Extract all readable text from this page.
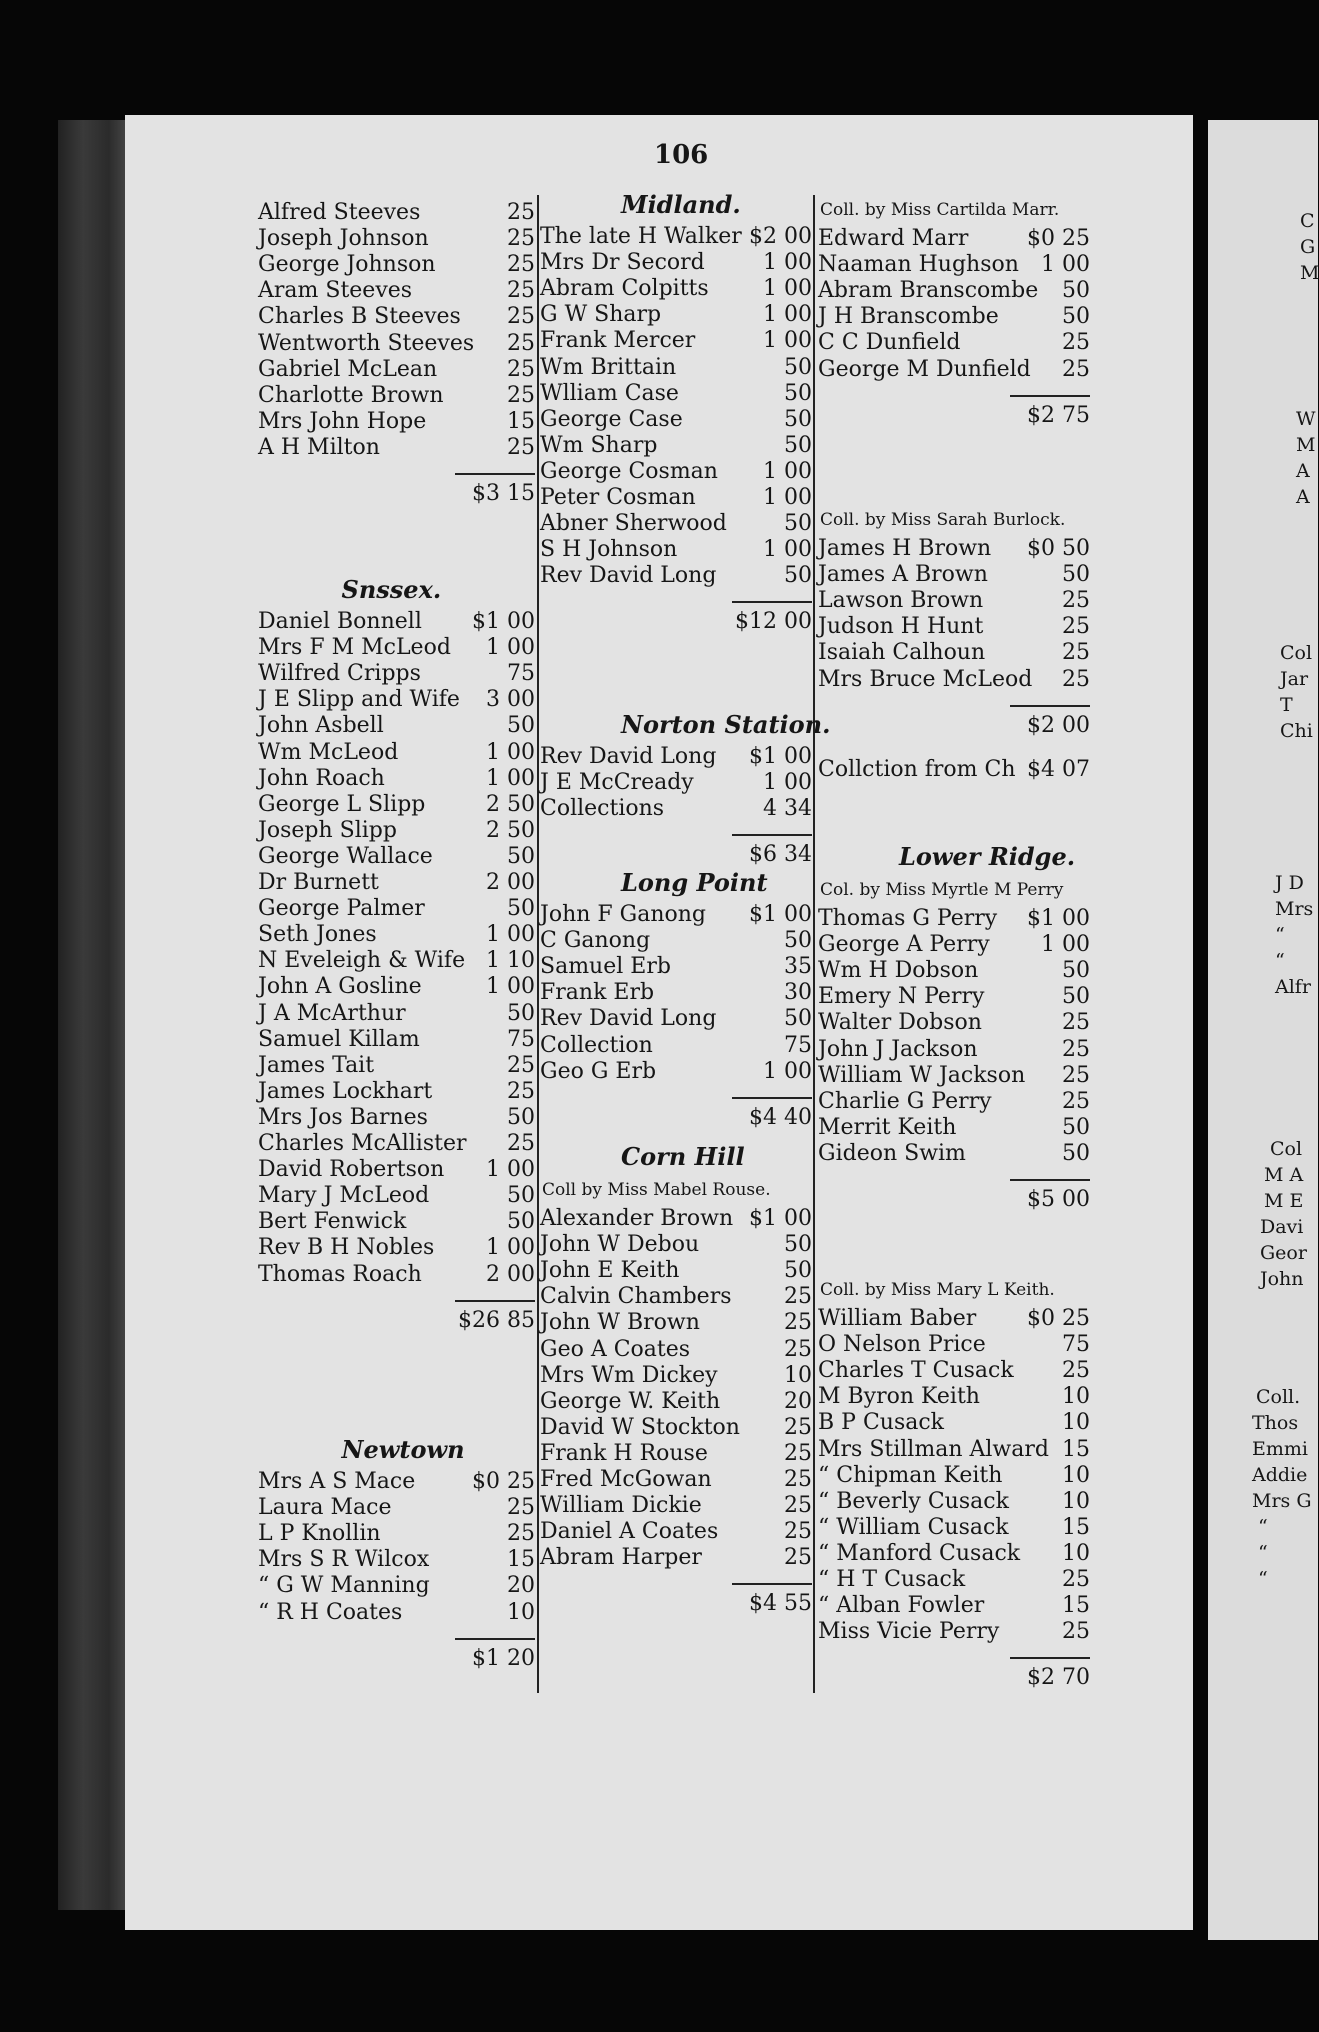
106
Alfred Steeves	25
Joseph Johnson	25
George Johnson	25
Aram Steeves	25
Charles B Steeves 25
Wentworth Steeves 25
Gabriel McLean	25
Charlotte Brown	25
Mrs John Hope	15
A H Milton	25
$3 15
Snssex.
Daniel Bonnell $1 00
Mrs F M McLeod 1 00
Wilfred Cripps	75
J E Slipp and Wife 3 00
John Asbell	50
Wm McLeod	1 00
John Roach	1 00
George L Slipp	2 50
Joseph Slipp	2 50
George Wallace	50
Dr Burnett	2 00
George Palmer	50
Seth Jones	1 00
N Eveleigh & Wife 1 10
John A Gosline	1 00
J A McArthur	50
Samuel Killam	75
James Tait	25
James Lockhart	25
Mrs Jos Barnes	50
Charles McAllister 25
David Robertson 1 00
Mary J McLeod	50
Bert Fenwick	50
Rev B H Nobles 1 00
Thomas Roach	2 00
$26 85
Newtown
Mrs A S Mace	$0 25
Laura Mace	25
L P Knollin	25
Mrs S R Wilcox	15
“ G W Manning	20
“ R H Coates	10
$1 20
Midland.
The late H Walker $2 00
Mrs Dr Secord	1 00
Abram Colpitts 1 00
G W Sharp	1 00
Frank Mercer	1 00
Wm Brittain	50
Wlliam Case	50
George Case	50
Wm Sharp	50
George Cosman 1 00
Peter Cosman	1 00
Abner Sherwood	50
S H Johnson	1 00
Rev David Long	50
$12 00
Norton Station.
Rev David Long $1 00
J E McCready	1 00
Collections	4 34
$6 34
Long Point
John F Ganong $1 00
C Ganong	50
Samuel Erb	35
Frank Erb	30
Rev David Long	50
Collection	75
Geo G Erb	1 00
$4 40
Corn Hill
Coll by Miss Mabel Rouse.
Alexander Brown $1 00
John W Debou	50
John E Keith	50
Calvin Chambers 25
John W Brown	25
Geo A Coates	25
Mrs Wm Dickey	10
George W. Keith	20
David W Stockton 25
Frank H Rouse	25
Fred McGowan	25
William Dickie	25
Daniel A Coates	25
Abram Harper	25
$4 55
Coll. by Miss Cartilda Marr.
Edward Marr	$0 25
Naaman Hughson 1 00
Abram Branscombe 50
J H Branscombe	50
C C Dunfield	25
George M Dunfield 25
$2 75
Coll. by Miss Sarah Burlock.
James H Brown $0 50
James A Brown	50
Lawson Brown	25
Judson H Hunt	25
Isaiah Calhoun	25
Mrs Bruce McLeod 25
$2 00
Collction from Ch $4 07
Lower Ridge.
Col. by Miss Myrtle M Perry
Thomas G Perry $1 00
George A Perry 1 00
Wm H Dobson	50
Emery N Perry	50
Walter Dobson	25
John J Jackson	25
William W Jackson 25
Charlie G Perry	25
Merrit Keith	50
Gideon Swim	50
$5 00
Coll. by Miss Mary L Keith.
William Baber $0 25
O Nelson Price	75
Charles T Cusack 25
M Byron Keith	10
B P Cusack	10
Mrs Stillman Alward 15
“ Chipman Keith	10
“ Beverly Cusack 10
“ William Cusack 15
“ Manford Cusack 10
“ H T Cusack	25
“ Alban Fowler	15
Miss Vicie Perry	25
$2 70
C
G
M
W
M
A
A
Col
Jar
T
Chi
J D
Mrs
“
“
Alfr
Col
M A
M E
Davi
Geor
John
Coll.
Thos
Emmi
Addie
Mrs G
“
“
“
